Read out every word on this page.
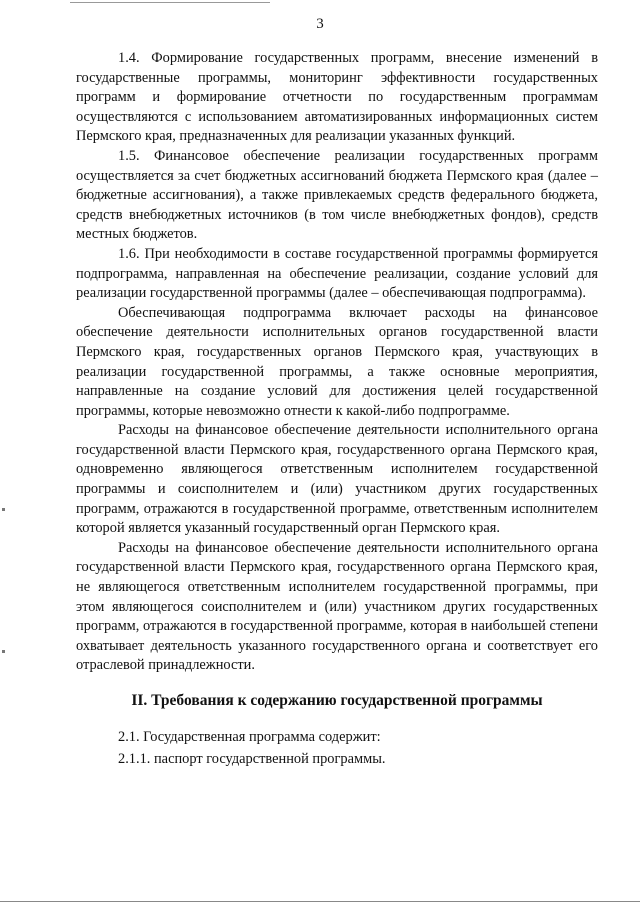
3

1.4. Формирование государственных программ, внесение изменений в государственные программы, мониторинг эффективности государственных программ и формирование отчетности по государственным программам осуществляются с использованием автоматизированных информационных систем Пермского края, предназначенных для реализации указанных функций.

1.5. Финансовое обеспечение реализации государственных программ осуществляется за счет бюджетных ассигнований бюджета Пермского края (далее – бюджетные ассигнования), а также привлекаемых средств федерального бюджета, средств внебюджетных источников (в том числе внебюджетных фондов), средств местных бюджетов.

1.6. При необходимости в составе государственной программы формируется подпрограмма, направленная на обеспечение реализации, создание условий для реализации государственной программы (далее – обеспечивающая подпрограмма).

Обеспечивающая подпрограмма включает расходы на финансовое обеспечение деятельности исполнительных органов государственной власти Пермского края, государственных органов Пермского края, участвующих в реализации государственной программы, а также основные мероприятия, направленные на создание условий для достижения целей государственной программы, которые невозможно отнести к какой-либо подпрограмме.

Расходы на финансовое обеспечение деятельности исполнительного органа государственной власти Пермского края, государственного органа Пермского края, одновременно являющегося ответственным исполнителем государственной программы и соисполнителем и (или) участником других государственных программ, отражаются в государственной программе, ответственным исполнителем которой является указанный государственный орган Пермского края.

Расходы на финансовое обеспечение деятельности исполнительного органа государственной власти Пермского края, государственного органа Пермского края, не являющегося ответственным исполнителем государственной программы, при этом являющегося соисполнителем и (или) участником других государственных программ, отражаются в государственной программе, которая в наибольшей степени охватывает деятельность указанного государственного органа и соответствует его отраслевой принадлежности.

II. Требования к содержанию государственной программы

2.1. Государственная программа содержит:

2.1.1. паспорт государственной программы.
